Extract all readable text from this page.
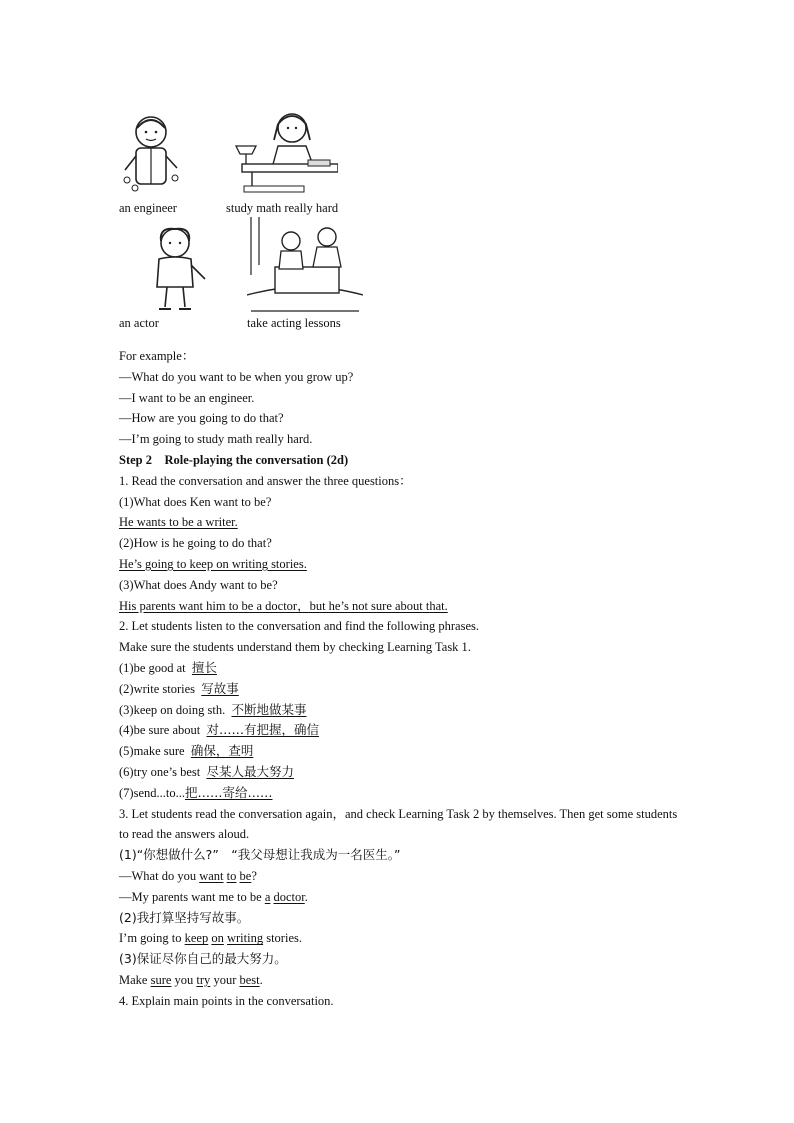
an engineer	study math really hard
an actor	take acting lessons
For example：
—What do you want to be when you grow up?
—I want to be an engineer.
—How are you going to do that?
—I’m going to study math really hard.
Step 2　Role-playing the conversation (2d)
1. Read the conversation and answer the three questions：
(1)What does Ken want to be?
He wants to be a writer.
(2)How is he going to do that?
He’s going to keep on writing stories.
(3)What does Andy want to be?
His parents want him to be a doctor，but he’s not sure about that.
2. Let students listen to the conversation and find the following phrases.
Make sure the students understand them by checking Learning Task 1.
(1)be good at 擅长
(2)write stories 写故事
(3)keep on doing sth. 不断地做某事
(4)be sure about 对……有把握，确信
(5)make sure 确保，查明
(6)try one’s best 尽某人最大努力
(7)send...to...把……寄给……
3. Let students read the conversation again，and check Learning Task 2 by themselves. Then get some students to read the answers aloud.
(1)“你想做什么?”　“我父母想让我成为一名医生。”
—What do you want to be?
—My parents want me to be a doctor.
(2)我打算坚持写故事。
I’m going to keep on writing stories.
(3)保证尽你自己的最大努力。
Make sure you try your best.
4. Explain main points in the conversation.
